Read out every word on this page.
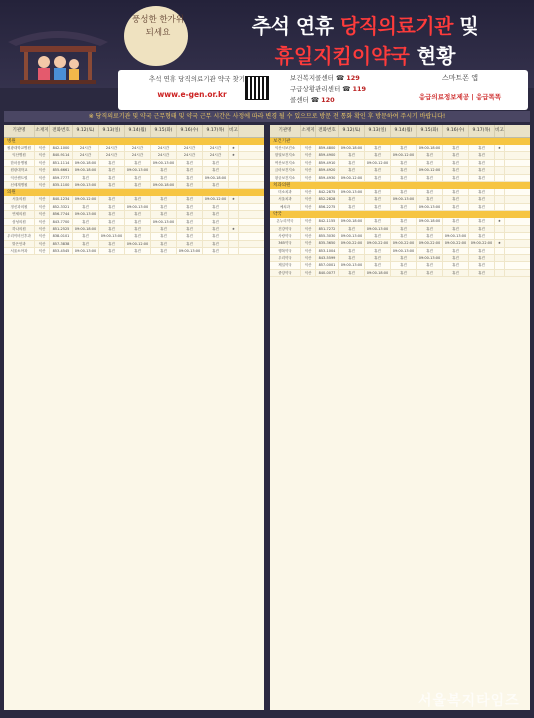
풍성한 한가위 되세요	추석 연휴 당직의료기관 및
휴일지킴이약국 현황
추석 연휴 당직의료기관 약국 찾기
www.e-gen.or.kr
보건복지콜센터 ☎ 129
구급상황관리센터 ☎ 119
콜센터 ☎ 120
스마트폰 앱
응급의료정보제공 | 응급똑똑
※ 당직의료기관 및 약국 근무형태 및 약국 근무 시간은 사정에 따라 변경 될 수 있으므로 방문 전 통화 확인 후 방문하여 주시기 바랍니다!
기관명	소재지 전화번호	9.12(토)	9.13(일)	9.14(월)	9.15(화)	9.16(수)	9.17(목)	비고
병원
원광대학교병원	익산	842-1000	24시간	24시간	24시간	24시간	24시간	24시간	★
익산병원	익산	840-9114	24시간	24시간	24시간	24시간	24시간	24시간	★
한마음병원	익산	851-1114	09:00-18:00	휴진	휴진	09:00-13:00	휴진	휴진
원광대학교	익산	855-6661	09:00-18:00	휴진	09:00-13:00	휴진	휴진	휴진
익산센트럴	익산	859-7777	휴진	휴진	휴진	휴진	휴진	09:00-18:00
신세계병원	익산	835-1100	09:00-13:00	휴진	휴진	09:00-18:00	휴진	휴진
의원
서울의원	익산	840-1234	09:00-12:00	휴진	휴진	휴진	휴진	09:00-12:00	★
정신과의원	익산	852-3321	휴진	휴진	09:00-13:00	휴진	휴진	휴진
연세의원	익산	856-7744	09:00-13:00	휴진	휴진	휴진	휴진	휴진
삼성의원	익산	843-7700	휴진	휴진	휴진	09:00-13:00	휴진	휴진
하나의원	익산	851-2525	09:00-18:00	휴진	휴진	휴진	휴진	휴진	★
우리이비인후과	익산	838-0101	휴진	09:00-13:00	휴진	휴진	휴진	휴진
밝은안과	익산	857-3838	휴진	휴진	09:00-12:00	휴진	휴진	휴진
서울소아과	익산	853-4545	09:00-13:00	휴진	휴진	휴진	09:00-13:00	휴진
기관명	소재지 전화번호	9.12(토)	9.13(일)	9.14(월)	9.15(화)	9.16(수)	9.17(목)	비고
보건기관
익산시보건소	익산	859-4800	09:00-18:00	휴진	휴진	09:00-18:00	휴진	휴진	★
함열보건지소	익산	859-4900	휴진	휴진	09:00-12:00	휴진	휴진	휴진
여산보건지소	익산	859-4910	휴진	09:00-12:00	휴진	휴진	휴진	휴진
금마보건지소	익산	859-4920	휴진	휴진	휴진	09:00-12:00	휴진	휴진
왕궁보건지소	익산	859-4930	09:00-12:00	휴진	휴진	휴진	휴진	휴진
치과의원
미소치과	익산	842-2875	09:00-13:00	휴진	휴진	휴진	휴진	휴진
서울치과	익산	852-2828	휴진	휴진	09:00-13:00	휴진	휴진	휴진
예치과	익산	856-2275	휴진	휴진	휴진	09:00-13:00	휴진	휴진
약국
온누리약국	익산	842-1155	09:00-18:00	휴진	휴진	09:00-18:00	휴진	휴진	★
건강약국	익산	851-7272	휴진	09:00-13:00	휴진	휴진	휴진	휴진
사랑약국	익산	855-3030	09:00-13:00	휴진	휴진	휴진	09:00-13:00	휴진
365약국	익산	835-3650	09:00-22:00	09:00-22:00	09:00-22:00	09:00-22:00	09:00-22:00	09:00-22:00	★
행복약국	익산	853-1004	휴진	휴진	09:00-13:00	휴진	휴진	휴진
우리약국	익산	843-5599	휴진	휴진	휴진	09:00-13:00	휴진	휴진
제일약국	익산	857-0001	09:00-13:00	휴진	휴진	휴진	휴진	휴진
중앙약국	익산	840-0077	휴진	09:00-18:00	휴진	휴진	휴진	휴진
서울복지타임즈
